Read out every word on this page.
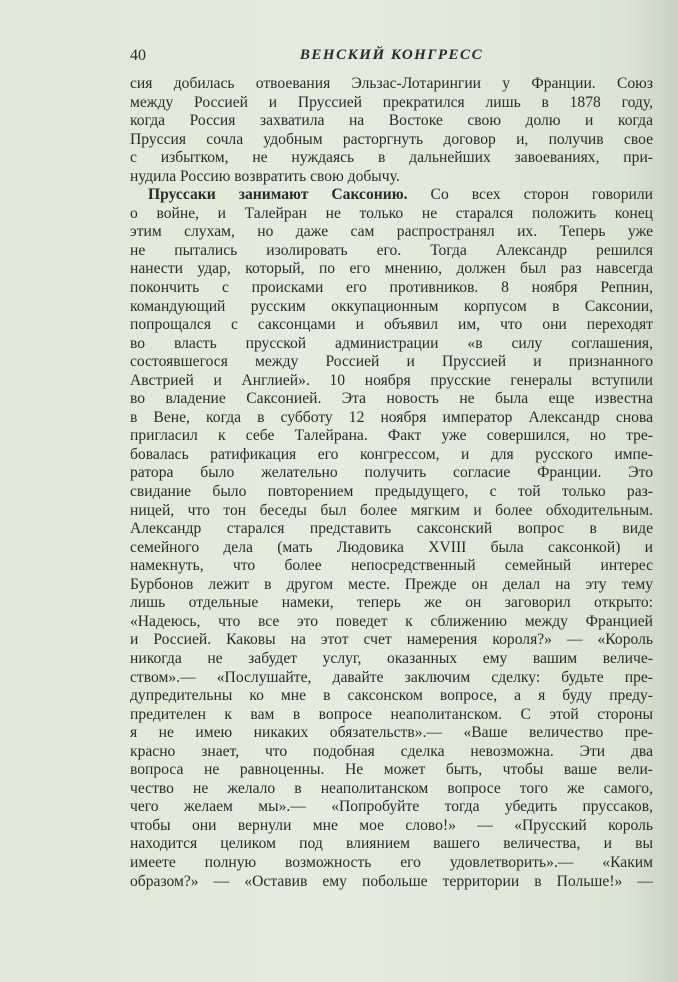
40	ВЕНСКИЙ КОНГРЕСС
сия добилась отвоевания Эльзас-Лотарингии у Франции. Союз
между Россией и Пруссией прекратился лишь в 1878 году,
когда Россия захватила на Востоке свою долю и когда
Пруссия сочла удобным расторгнуть договор и, получив свое
с избытком, не нуждаясь в дальнейших завоеваниях, при-
нудила Россию возвратить свою добычу.
Пруссаки занимают Саксонию. Со всех сторон говорили
о войне, и Талейран не только не старался положить конец
этим слухам, но даже сам распространял их. Теперь уже
не пытались изолировать его. Тогда Александр решился
нанести удар, который, по его мнению, должен был раз навсегда
покончить с происками его противников. 8 ноября Репнин,
командующий русским оккупационным корпусом в Саксонии,
попрощался с саксонцами и объявил им, что они переходят
во власть прусской администрации «в силу соглашения,
состоявшегося между Россией и Пруссией и признанного
Австрией и Англией». 10 ноября прусские генералы вступили
во владение Саксонией. Эта новость не была еще известна
в Вене, когда в субботу 12 ноября император Александр снова
пригласил к себе Талейрана. Факт уже совершился, но тре-
бовалась ратификация его конгрессом, и для русского импе-
ратора было желательно получить согласие Франции. Это
свидание было повторением предыдущего, с той только раз-
ницей, что тон беседы был более мягким и более обходительным.
Александр старался представить саксонский вопрос в виде
семейного дела (мать Людовика XVIII была саксонкой) и
намекнуть, что более непосредственный семейный интерес
Бурбонов лежит в другом месте. Прежде он делал на эту тему
лишь отдельные намеки, теперь же он заговорил открыто:
«Надеюсь, что все это поведет к сближению между Францией
и Россией. Каковы на этот счет намерения короля?» — «Король
никогда не забудет услуг, оказанных ему вашим величе-
ством».— «Послушайте, давайте заключим сделку: будьте пре-
дупредительны ко мне в саксонском вопросе, а я буду преду-
предителен к вам в вопросе неаполитанском. С этой стороны
я не имею никаких обязательств».— «Ваше величество пре-
красно знает, что подобная сделка невозможна. Эти два
вопроса не равноценны. Не может быть, чтобы ваше вели-
чество не желало в неаполитанском вопросе того же самого,
чего желаем мы».— «Попробуйте тогда убедить пруссаков,
чтобы они вернули мне мое слово!» — «Прусский король
находится целиком под влиянием вашего величества, и вы
имеете полную возможность его удовлетворить».— «Каким
образом?» — «Оставив ему побольше территории в Польше!» —
